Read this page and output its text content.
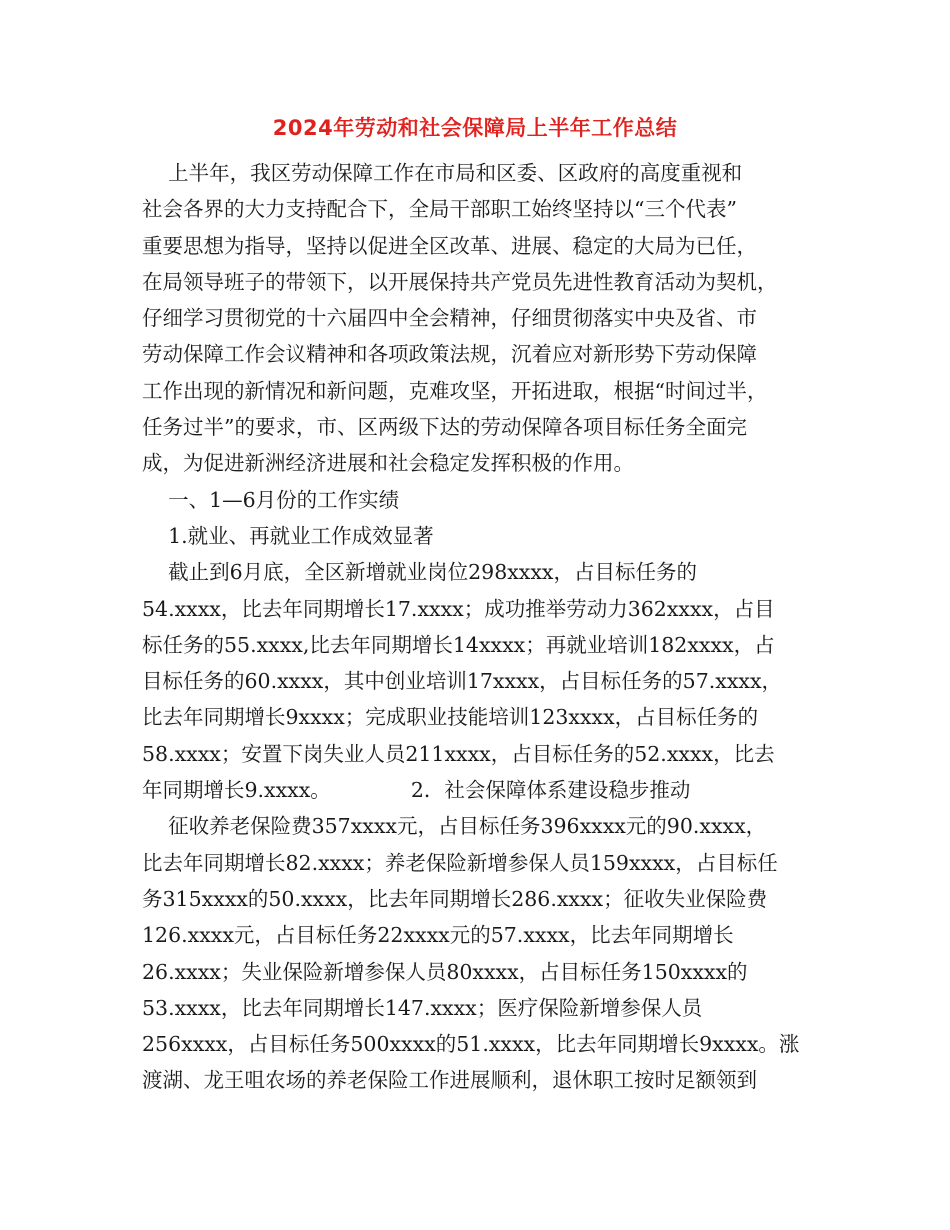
2024年劳动和社会保障局上半年工作总结
上半年，我区劳动保障工作在市局和区委、区政府的高度重视和
社会各界的大力支持配合下，全局干部职工始终坚持以“三个代表”
重要思想为指导，坚持以促进全区改革、进展、稳定的大局为已任，
在局领导班子的带领下，以开展保持共产党员先进性教育活动为契机，
仔细学习贯彻党的十六届四中全会精神，仔细贯彻落实中央及省、市
劳动保障工作会议精神和各项政策法规，沉着应对新形势下劳动保障
工作出现的新情况和新问题，克难攻坚，开拓进取，根据“时间过半，
任务过半”的要求，市、区两级下达的劳动保障各项目标任务全面完
成，为促进新洲经济进展和社会稳定发挥积极的作用。
一、1—6月份的工作实绩
1.就业、再就业工作成效显著
截止到6月底，全区新增就业岗位298xxxx，占目标任务的
54.xxxx，比去年同期增长17.xxxx；成功推举劳动力362xxxx，占目
标任务的55.xxxx,比去年同期增长14xxxx；再就业培训182xxxx，占
目标任务的60.xxxx，其中创业培训17xxxx，占目标任务的57.xxxx，
比去年同期增长9xxxx；完成职业技能培训123xxxx，占目标任务的
58.xxxx；安置下岗失业人员211xxxx，占目标任务的52.xxxx，比去
年同期增长9.xxxx。	2．社会保障体系建设稳步推动
征收养老保险费357xxxx元，占目标任务396xxxx元的90.xxxx，
比去年同期增长82.xxxx；养老保险新增参保人员159xxxx，占目标任
务315xxxx的50.xxxx，比去年同期增长286.xxxx；征收失业保险费
126.xxxx元，占目标任务22xxxx元的57.xxxx，比去年同期增长
26.xxxx；失业保险新增参保人员80xxxx，占目标任务150xxxx的
53.xxxx，比去年同期增长147.xxxx；医疗保险新增参保人员
256xxxx，占目标任务500xxxx的51.xxxx，比去年同期增长9xxxx。涨
渡湖、龙王咀农场的养老保险工作进展顺利，退休职工按时足额领到
